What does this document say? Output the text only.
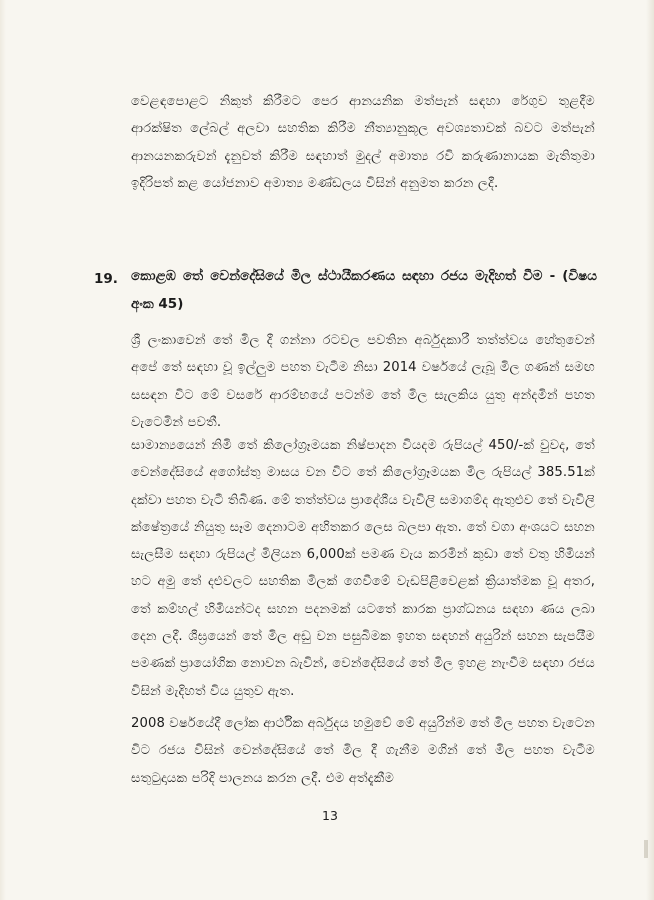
වෙළඳපොළට නිකුත් කිරීමට පෙර ආනයනික මත්පැන් සඳහා රේගුව තුළදීම ආරක්ෂිත ලේබල් අලවා සහතික කිරීම නීත්‍යානුකූල අවශ්‍යතාවක් බවට මත්පැන් ආනයනකරුවන් දැනුවත් කිරීම සඳහාත් මුදල් අමාත්‍ය රවි කරුණානායක මැතිතුමා ඉදිරිපත් කළ යෝජනාව අමාත්‍ය මණ්ඩලය විසින් අනුමත කරන ලදී.

19. කොළඹ තේ වෙන්දේසියේ මිල ස්ථායීකරණය සඳහා රජය මැදිහත් වීම - (විෂය අංක 45)

ශ්‍රී ලංකාවෙන් තේ මිල දී ගන්නා රටවල පවතින අර්බුදකාරී තත්ත්වය හේතුවෙන් අපේ තේ සඳහා වූ ඉල්ලුම පහත වැටීම නිසා 2014 වර්ෂයේ ලැබූ මිල ගණන් සමඟ සසඳන විට මේ වසරේ ආරම්භයේ පටන්ම තේ මිල සැලකිය යුතු අන්දමින් පහත වැටෙමින් පවතී.

සාමාන්‍යයෙන් නිමි තේ කිලෝග්‍රෑමයක නිෂ්පාදන වියදම රුපියල් 450/-ක් වුවද, තේ වෙන්දේසියේ අගෝස්තු මාසය වන විට තේ කිලෝග්‍රෑමයක මිල රුපියල් 385.51ක් දක්වා පහත වැටී තිබිණ. මේ තත්ත්වය ප්‍රාදේශීය වැවිලි සමාගම්ද ඇතුළුව තේ වැවිලි ක්ෂේත්‍රයේ නියුතු සෑම දෙනාටම අහිතකර ලෙස බලපා ඇත. තේ වගා අංශයට සහන සැලසීම සඳහා රුපියල් මිලියන 6,000ක් පමණ වැය කරමින් කුඩා තේ වතු හිමියන් හට අමු තේ දළුවලට සහතික මිලක් ගෙවීමේ වැඩපිළිවෙළක් ක්‍රියාත්මක වූ අතර, තේ කම්හල් හිමියන්ටද සහන පදනමක් යටතේ කාරක ප්‍රාග්ධනය සඳහා ණය ලබා දෙන ලදී. ශීඝ්‍රයෙන් තේ මිල අඩු වන පසුබිමක ඉහත සඳහන් අයුරින් සහන සැපයීම පමණක් ප්‍රායෝගික නොවන බැවින්, වෙන්දේසියේ තේ මිල ඉහළ නැංවීම සඳහා රජය විසින් මැදිහත් විය යුතුව ඇත.

2008 වර්ෂයේදී ලෝක ආර්ථික අර්බුදය හමුවේ මේ අයුරින්ම තේ මිල පහත වැටෙන විට රජය විසින් වෙන්දේසියේ තේ මිල දී ගැනීම මගින් තේ මිල පහත වැටීම සතුටුදායක පරිදි පාලනය කරන ලදී. එම අත්දැකීම

13
